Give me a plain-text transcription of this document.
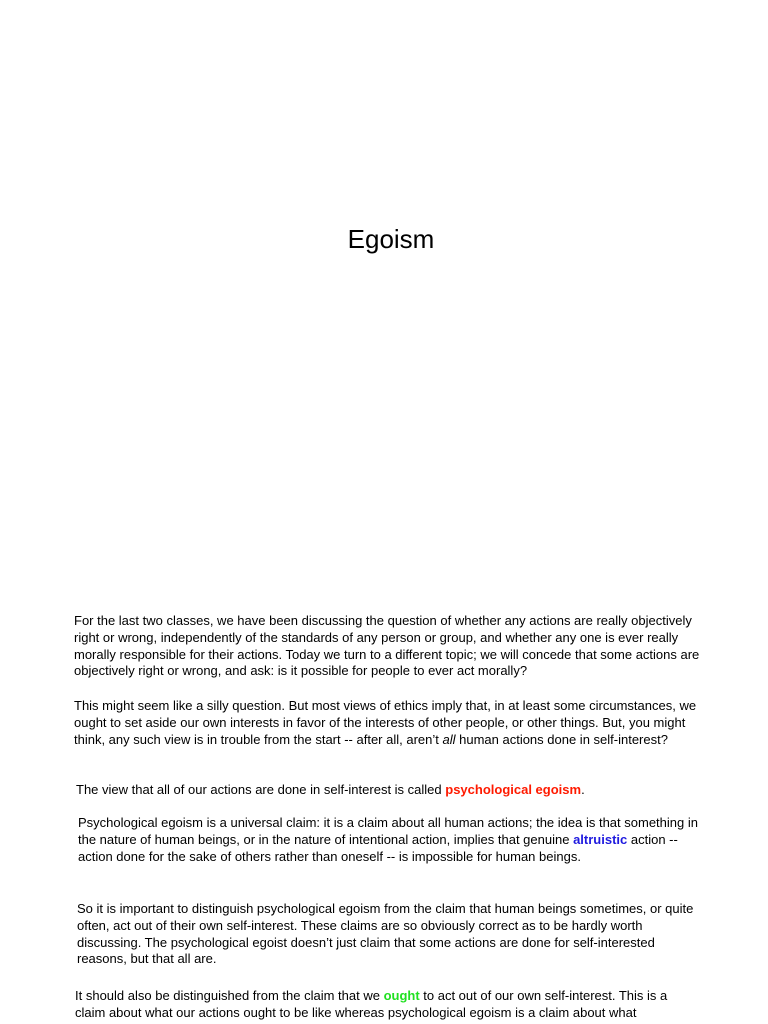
Egoism

For the last two classes, we have been discussing the question of whether any actions are really objectively right or wrong, independently of the standards of any person or group, and whether any one is ever really morally responsible for their actions. Today we turn to a different topic; we will concede that some actions are objectively right or wrong, and ask: is it possible for people to ever act morally?

This might seem like a silly question. But most views of ethics imply that, in at least some circumstances, we ought to set aside our own interests in favor of the interests of other people, or other things. But, you might think, any such view is in trouble from the start -- after all, aren’t all human actions done in self-interest?

The view that all of our actions are done in self-interest is called psychological egoism.

Psychological egoism is a universal claim: it is a claim about all human actions; the idea is that something in the nature of human beings, or in the nature of intentional action, implies that genuine altruistic action -- action done for the sake of others rather than oneself -- is impossible for human beings.

So it is important to distinguish psychological egoism from the claim that human beings sometimes, or quite often, act out of their own self-interest. These claims are so obviously correct as to be hardly worth discussing. The psychological egoist doesn’t just claim that some actions are done for self-interested reasons, but that all are.

It should also be distinguished from the claim that we ought to act out of our own self-interest. This is a claim about what our actions ought to be like whereas psychological egoism is a claim about what
